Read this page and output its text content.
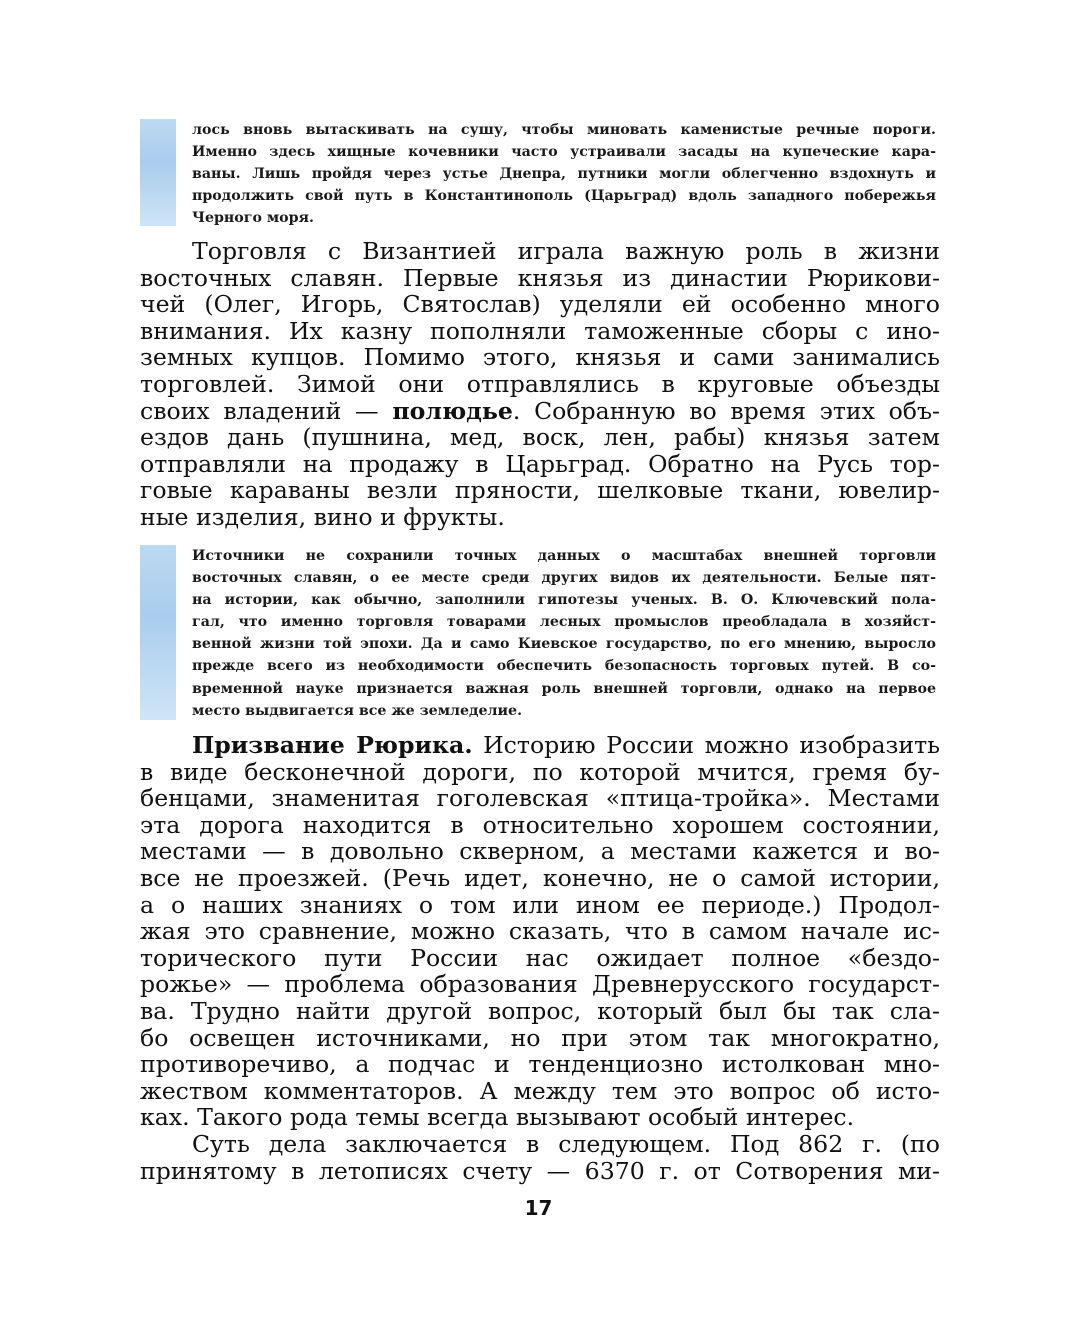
лось вновь вытаскивать на сушу, чтобы миновать каменистые речные пороги.
Именно здесь хищные кочевники часто устраивали засады на купеческие кара-
ваны. Лишь пройдя через устье Днепра, путники могли облегченно вздохнуть и
продолжить свой путь в Константинополь (Царьград) вдоль западного побережья
Черного моря.
Торговля с Византией играла важную роль в жизни
восточных славян. Первые князья из династии Рюрикови-
чей (Олег, Игорь, Святослав) уделяли ей особенно много
внимания. Их казну пополняли таможенные сборы с ино-
земных купцов. Помимо этого, князья и сами занимались
торговлей. Зимой они отправлялись в круговые объезды
своих владений — полюдье. Собранную во время этих объ-
ездов дань (пушнина, мед, воск, лен, рабы) князья затем
отправляли на продажу в Царьград. Обратно на Русь тор-
говые караваны везли пряности, шелковые ткани, ювелир-
ные изделия, вино и фрукты.
Источники не сохранили точных данных о масштабах внешней торговли
восточных славян, о ее месте среди других видов их деятельности. Белые пят-
на истории, как обычно, заполнили гипотезы ученых. В. О. Ключевский пола-
гал, что именно торговля товарами лесных промыслов преобладала в хозяйст-
венной жизни той эпохи. Да и само Киевское государство, по его мнению, выросло
прежде всего из необходимости обеспечить безопасность торговых путей. В со-
временной науке признается важная роль внешней торговли, однако на первое
место выдвигается все же земледелие.
Призвание Рюрика. Историю России можно изобразить
в виде бесконечной дороги, по которой мчится, гремя бу-
бенцами, знаменитая гоголевская «птица-тройка». Местами
эта дорога находится в относительно хорошем состоянии,
местами — в довольно скверном, а местами кажется и во-
все не проезжей. (Речь идет, конечно, не о самой истории,
а о наших знаниях о том или ином ее периоде.) Продол-
жая это сравнение, можно сказать, что в самом начале ис-
торического пути России нас ожидает полное «бездо-
рожье» — проблема образования Древнерусского государст-
ва. Трудно найти другой вопрос, который был бы так сла-
бо освещен источниками, но при этом так многократно,
противоречиво, а подчас и тенденциозно истолкован мно-
жеством комментаторов. А между тем это вопрос об исто-
ках. Такого рода темы всегда вызывают особый интерес.
Суть дела заключается в следующем. Под 862 г. (по
принятому в летописях счету — 6370 г. от Сотворения ми-
17
